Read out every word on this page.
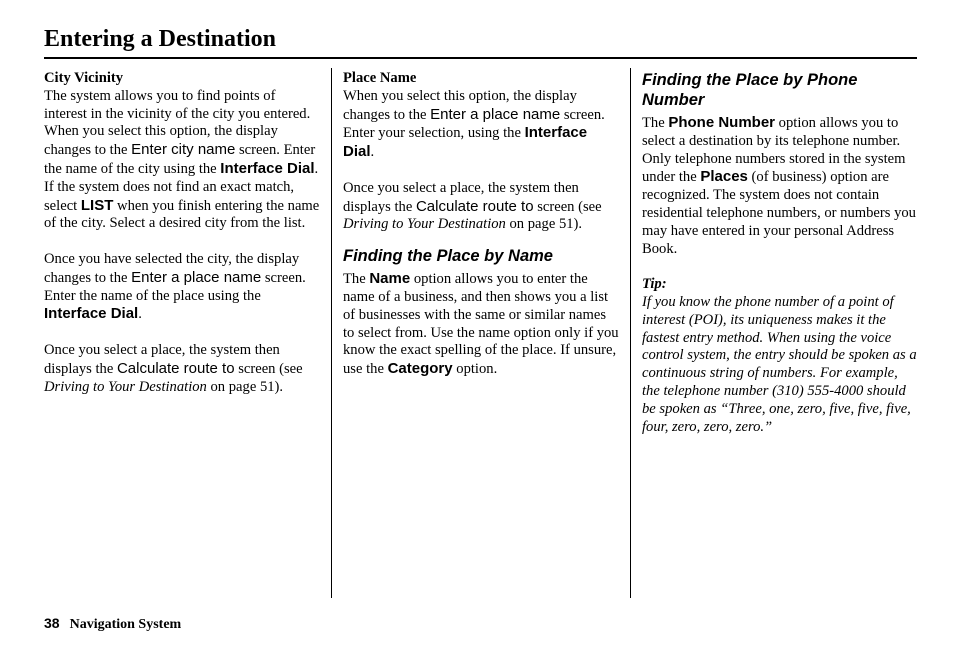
Entering a Destination
City Vicinity

The system allows you to find points of interest in the vicinity of the city you entered. When you select this option, the display changes to the Enter city name screen. Enter the name of the city using the Interface Dial. If the system does not find an exact match, select LIST when you finish entering the name of the city. Select a desired city from the list.

Once you have selected the city, the display changes to the Enter a place name screen. Enter the name of the place using the Interface Dial.

Once you select a place, the system then displays the Calculate route to screen (see Driving to Your Destination on page 51).

Place Name

When you select this option, the display changes to the Enter a place name screen. Enter your selection, using the Interface Dial.

Once you select a place, the system then displays the Calculate route to screen (see Driving to Your Destination on page 51).

Finding the Place by Name

The Name option allows you to enter the name of a business, and then shows you a list of businesses with the same or similar names to select from. Use the name option only if you know the exact spelling of the place. If unsure, use the Category option.

Finding the Place by Phone Number

The Phone Number option allows you to select a destination by its telephone number. Only telephone numbers stored in the system under the Places (of business) option are recognized. The system does not contain residential telephone numbers, or numbers you may have entered in your personal Address Book.

Tip:

If you know the phone number of a point of interest (POI), its uniqueness makes it the fastest entry method. When using the voice control system, the entry should be spoken as a continuous string of numbers. For example, the telephone number (310) 555-4000 should be spoken as “Three, one, zero, five, five, five, four, zero, zero, zero.”

38 Navigation System
